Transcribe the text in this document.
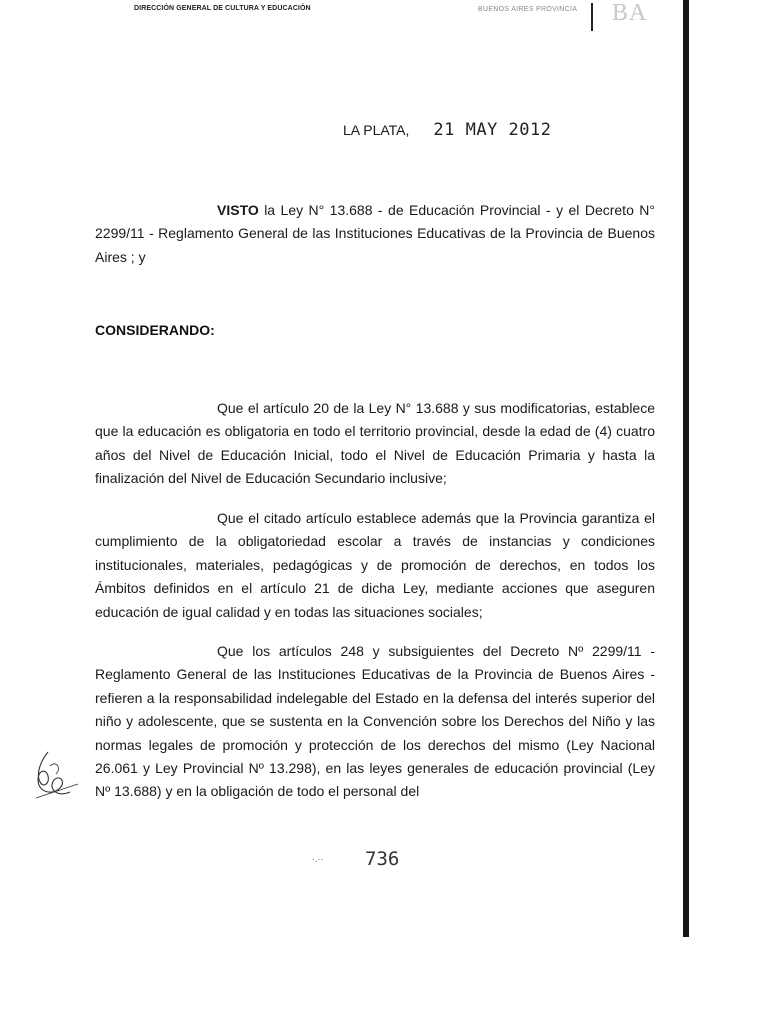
DIRECCIÓN GENERAL DE CULTURA Y EDUCACIÓN	BUENOS AIRES PROVINCIA BA
LA PLATA, 21 MAY 2012

VISTO la Ley N° 13.688 - de Educación Provincial - y el Decreto N° 2299/11 - Reglamento General de las Instituciones Educativas de la Provincia de Buenos Aires ; y

CONSIDERANDO:

Que el artículo 20 de la Ley N° 13.688 y sus modificatorias, establece que la educación es obligatoria en todo el territorio provincial, desde la edad de (4) cuatro años del Nivel de Educación Inicial, todo el Nivel de Educación Primaria y hasta la finalización del Nivel de Educación Secundario inclusive;

Que el citado artículo establece además que la Provincia garantiza el cumplimiento de la obligatoriedad escolar a través de instancias y condiciones institucionales, materiales, pedagógicas y de promoción de derechos, en todos los Ámbitos definidos en el artículo 21 de dicha Ley, mediante acciones que aseguren educación de igual calidad y en todas las situaciones sociales;

Que los artículos 248 y subsiguientes del Decreto Nº 2299/11 - Reglamento General de las Instituciones Educativas de la Provincia de Buenos Aires - refieren a la responsabilidad indelegable del Estado en la defensa del interés superior del niño y adolescente, que se sustenta en la Convención sobre los Derechos del Niño y las normas legales de promoción y protección de los derechos del mismo (Ley Nacional 26.061 y Ley Provincial Nº 13.298), en las leyes generales de educación provincial (Ley Nº 13.688) y en la obligación de todo el personal del

·.·· 736
